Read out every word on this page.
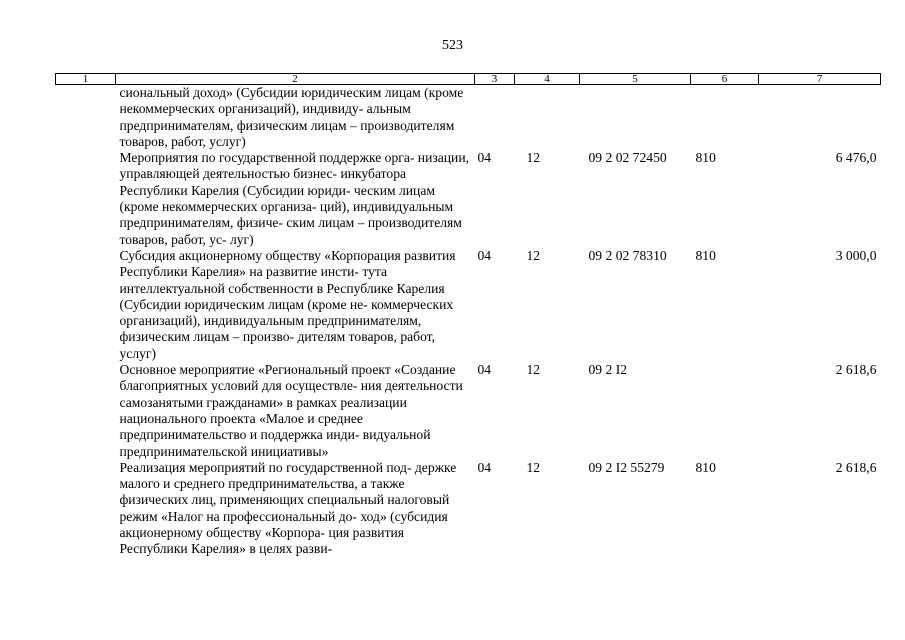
523
1	2	3	4	5	6	7
	сиональный доход» (Субсидии юридическим лицам (кроме некоммерческих организаций), индивиду- альным предпринимателям, физическим лицам – производителям товаров, работ, услуг)					
	Мероприятия по государственной поддержке орга- низации, управляющей деятельностью бизнес- инкубатора Республики Карелия (Субсидии юриди- ческим лицам (кроме некоммерческих организа- ций), индивидуальным предпринимателям, физиче- ским лицам – производителям товаров, работ, ус- луг)	04	12	09 2 02 72450	810	6 476,0
	Субсидия акционерному обществу «Корпорация развития Республики Карелия» на развитие инсти- тута интеллектуальной собственности в Республике Карелия (Субсидии юридическим лицам (кроме не- коммерческих организаций), индивидуальным предпринимателям, физическим лицам – произво- дителям товаров, работ, услуг)	04	12	09 2 02 78310	810	3 000,0
	Основное мероприятие «Региональный проект «Создание благоприятных условий для осуществле- ния деятельности самозанятыми гражданами» в рамках реализации национального проекта «Малое и среднее предпринимательство и поддержка инди- видуальной предпринимательской инициативы»	04	12	09 2 I2		2 618,6
	Реализация мероприятий по государственной под- держке малого и среднего предпринимательства, а также физических лиц, применяющих специальный налоговый режим «Налог на профессиональный до- ход» (субсидия акционерному обществу «Корпора- ция развития Республики Карелия» в целях разви-	04	12	09 2 I2 55279	810	2 618,6
